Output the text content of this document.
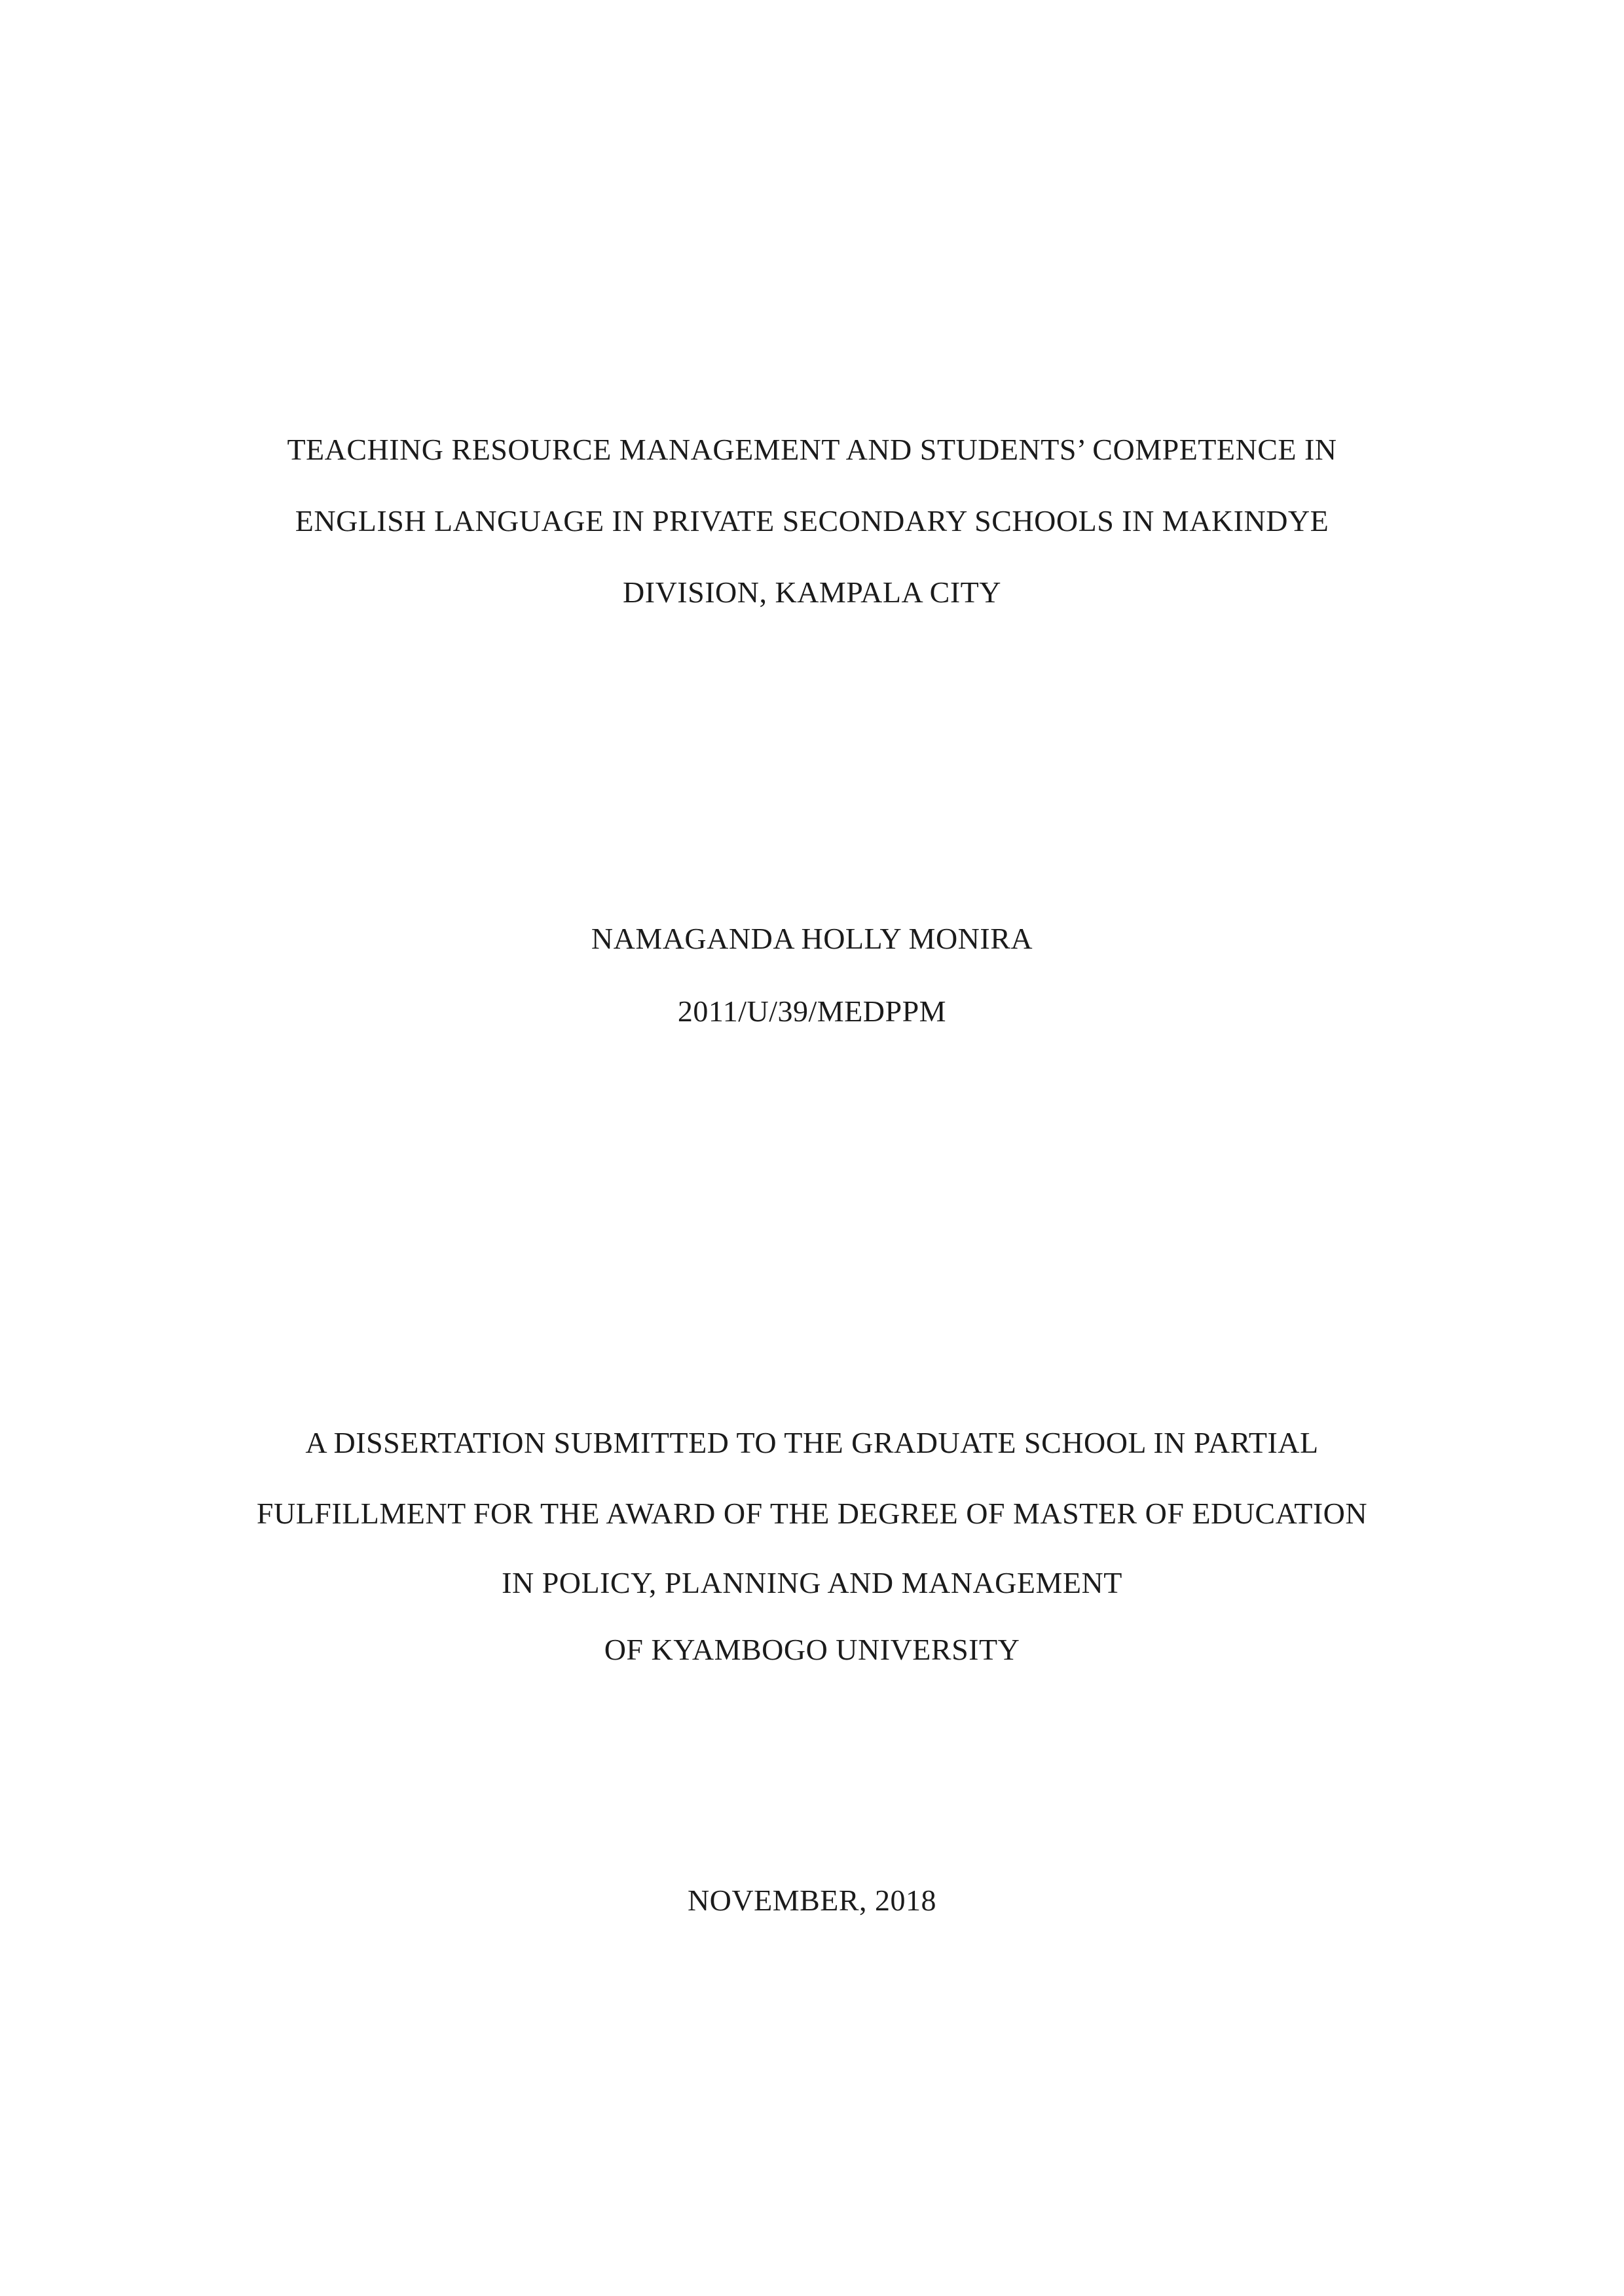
TEACHING RESOURCE MANAGEMENT AND STUDENTS’ COMPETENCE IN
ENGLISH LANGUAGE IN PRIVATE SECONDARY SCHOOLS IN MAKINDYE
DIVISION, KAMPALA CITY
NAMAGANDA HOLLY MONIRA
2011/U/39/MEDPPM
A DISSERTATION SUBMITTED TO THE GRADUATE SCHOOL IN PARTIAL
FULFILLMENT FOR THE AWARD OF THE DEGREE OF MASTER OF EDUCATION
IN POLICY, PLANNING AND MANAGEMENT
OF KYAMBOGO UNIVERSITY
NOVEMBER, 2018
